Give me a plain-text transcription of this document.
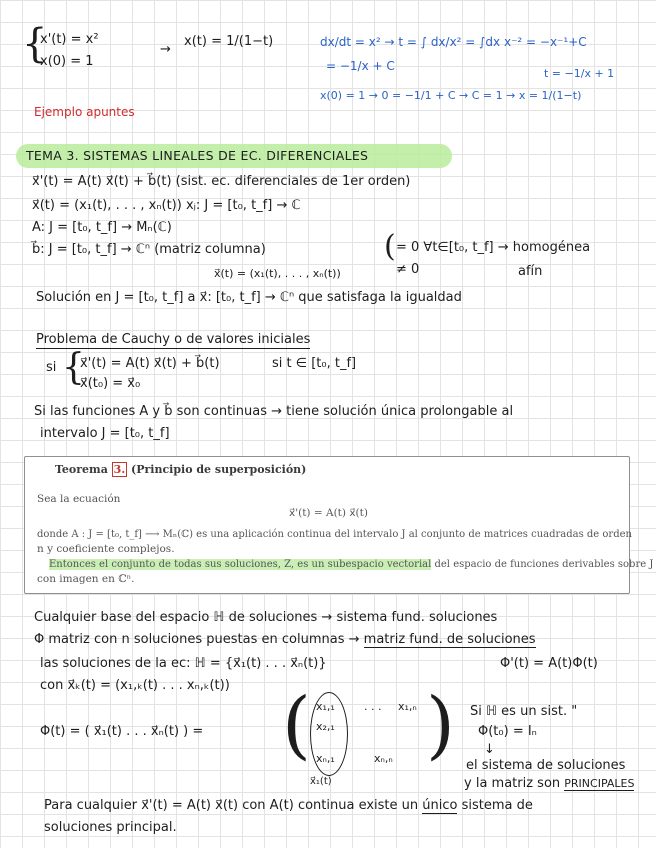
{
x'(t) = x²
x(0) = 1
→
x(t) = 1/(1−t)	dx/dt = x² → t = ∫ dx/x² = ∫dx x⁻² = −x⁻¹+C
= −1/x + C
t = −1/x + 1
x(0) = 1 → 0 = −1/1 + C → C = 1 → x = 1/(1−t)
Ejemplo apuntes
TEMA 3. SISTEMAS LINEALES DE EC. DIFERENCIALES
x⃗'(t) = A(t) x⃗(t) + b⃗(t) (sist. ec. diferenciales de 1er orden)
x⃗(t) = (x₁(t), . . . , xₙ(t)) xⱼ: J = [t₀, t_f] → ℂ
A: J = [t₀, t_f] → Mₙ(ℂ)
b⃗: J = [t₀, t_f] → ℂⁿ (matriz columna)	( = 0 ∀t∈[t₀, t_f] → homogénea
≠ 0	afín
x⃗(t) = (x₁(t), . . . , xₙ(t))
Solución en J = [t₀, t_f] a x⃗: [t₀, t_f] → ℂⁿ que satisfaga la igualdad
Problema de Cauchy o de valores iniciales
si {
x⃗'(t) = A(t) x⃗(t) + b⃗(t)
x⃗(t₀) = x⃗₀
si t ∈ [t₀, t_f]
Si las funciones A y b⃗ son continuas → tiene solución única prolongable al
intervalo J = [t₀, t_f]
Teorema 3. (Principio de superposición)
Sea la ecuación
x⃗'(t) = A(t) x⃗(t)
donde A : J = [t₀, t_f] ⟶ Mₙ(ℂ) es una aplicación continua del intervalo J al conjunto de matrices cuadradas de orden
n y coeficiente complejos.
Entonces el conjunto de todas sus soluciones, Z, es un subespacio vectorial del espacio de funciones derivables sobre J
con imagen en ℂⁿ.
Cualquier base del espacio ℍ de soluciones → sistema fund. soluciones
Φ matriz con n soluciones puestas en columnas → matriz fund. de soluciones
las soluciones de la ec: ℍ = {x⃗₁(t) . . . x⃗ₙ(t)}	Φ'(t) = A(t)Φ(t)
con x⃗ₖ(t) = (x₁,ₖ(t) . . . xₙ,ₖ(t))
Φ(t) = ( x⃗₁(t) . . . x⃗ₙ(t) ) = ( x₁,₁
x₂,₁
xₙ,₁
. . . x₁,ₙ
xₙ,ₙ )
x⃗₁(t)
Si ℍ es un sist. "
Φ(t₀) = Iₙ
↓
el sistema de soluciones
y la matriz son PRINCIPALES
Para cualquier x⃗'(t) = A(t) x⃗(t) con A(t) continua existe un único sistema de
soluciones principal.
